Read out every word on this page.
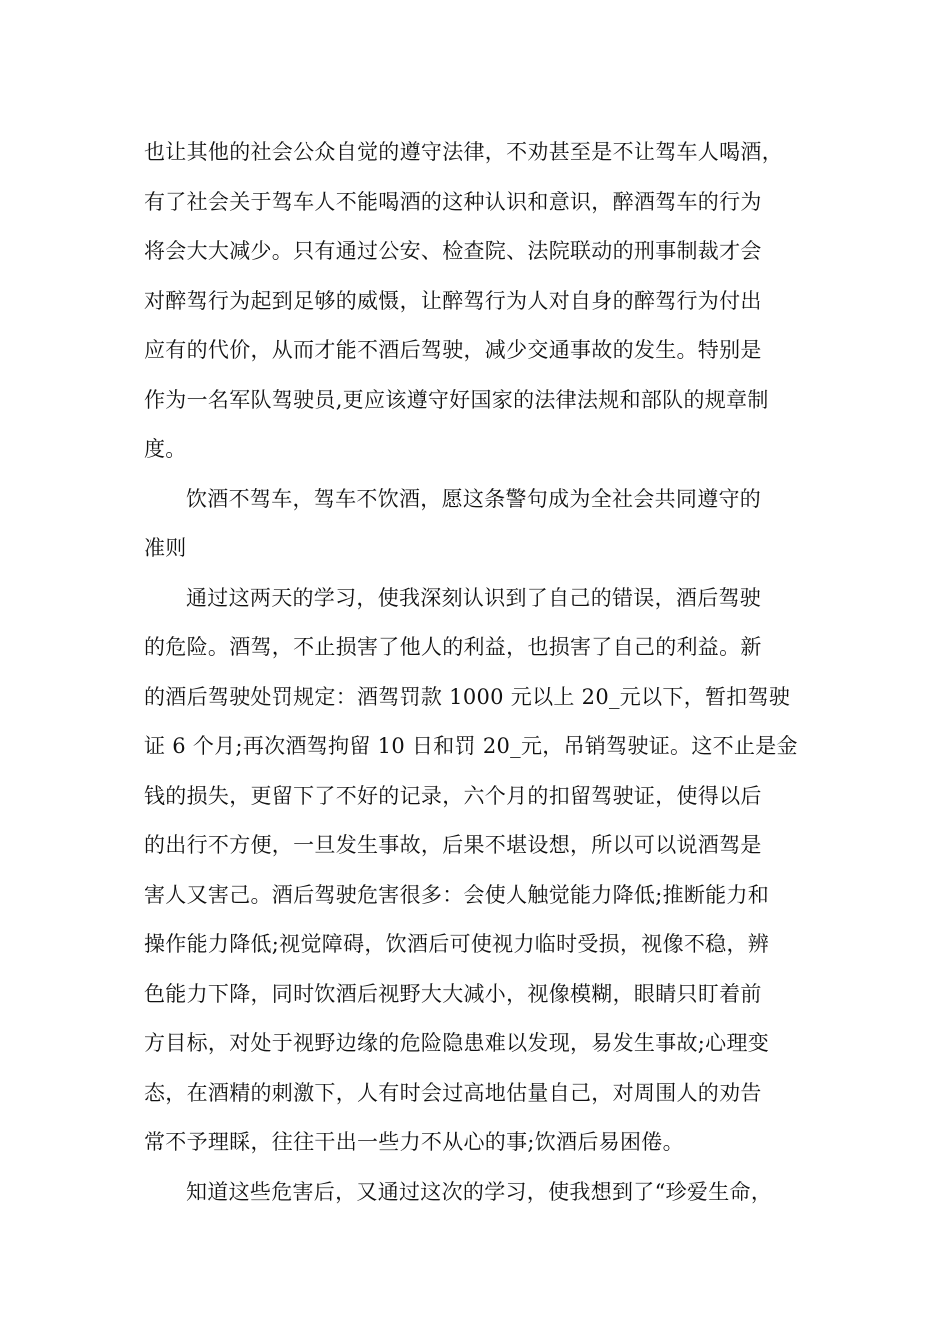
也让其他的社会公众自觉的遵守法律，不劝甚至是不让驾车人喝酒，
有了社会关于驾车人不能喝酒的这种认识和意识，醉酒驾车的行为
将会大大减少。只有通过公安、检查院、法院联动的刑事制裁才会
对醉驾行为起到足够的威慑，让醉驾行为人对自身的醉驾行为付出
应有的代价，从而才能不酒后驾驶，减少交通事故的发生。特别是
作为一名军队驾驶员,更应该遵守好国家的法律法规和部队的规章制
度。
饮酒不驾车，驾车不饮酒，愿这条警句成为全社会共同遵守的
准则
通过这两天的学习，使我深刻认识到了自己的错误，酒后驾驶
的危险。酒驾，不止损害了他人的利益，也损害了自己的利益。新
的酒后驾驶处罚规定：酒驾罚款 1000 元以上 20_元以下，暂扣驾驶
证 6 个月;再次酒驾拘留 10 日和罚 20_元，吊销驾驶证。这不止是金
钱的损失，更留下了不好的记录，六个月的扣留驾驶证，使得以后
的出行不方便，一旦发生事故，后果不堪设想，所以可以说酒驾是
害人又害己。酒后驾驶危害很多：会使人触觉能力降低;推断能力和
操作能力降低;视觉障碍，饮酒后可使视力临时受损，视像不稳，辨
色能力下降，同时饮酒后视野大大减小，视像模糊，眼睛只盯着前
方目标，对处于视野边缘的危险隐患难以发现，易发生事故;心理变
态，在酒精的刺激下，人有时会过高地估量自己，对周围人的劝告
常不予理睬，往往干出一些力不从心的事;饮酒后易困倦。
知道这些危害后，又通过这次的学习，使我想到了“珍爱生命，
